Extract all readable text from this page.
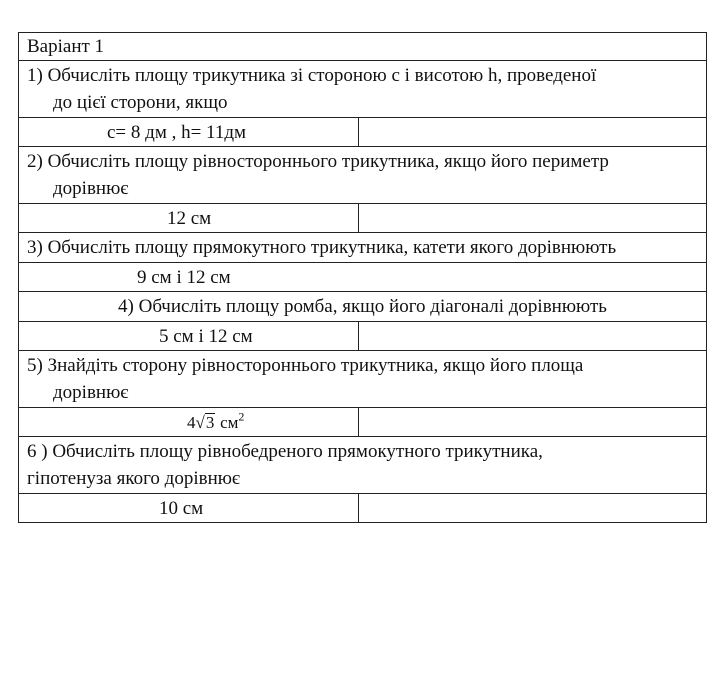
Варіант 1	

1) Обчисліть площу трикутника зі стороною с і висотою h, проведеної
до цієї сторони, якщо	

с= 8 дм , h= 11дм	

2) Обчисліть площу рівностороннього трикутника, якщо його периметр
дорівнює	

12 см	

3) Обчисліть площу прямокутного трикутника, катети якого дорівнюють	

9 см і 12 см	
4) Обчисліть площу ромба, якщо його діагоналі дорівнюють	
5 см і 12 см	

5) Знайдіть сторону рівностороннього трикутника, якщо його площа
дорівнює	

4√3 $см^2$	

6 ) Обчисліть площу рівнобедреного прямокутного трикутника,
гіпотенуза якого дорівнює	

10 см	
